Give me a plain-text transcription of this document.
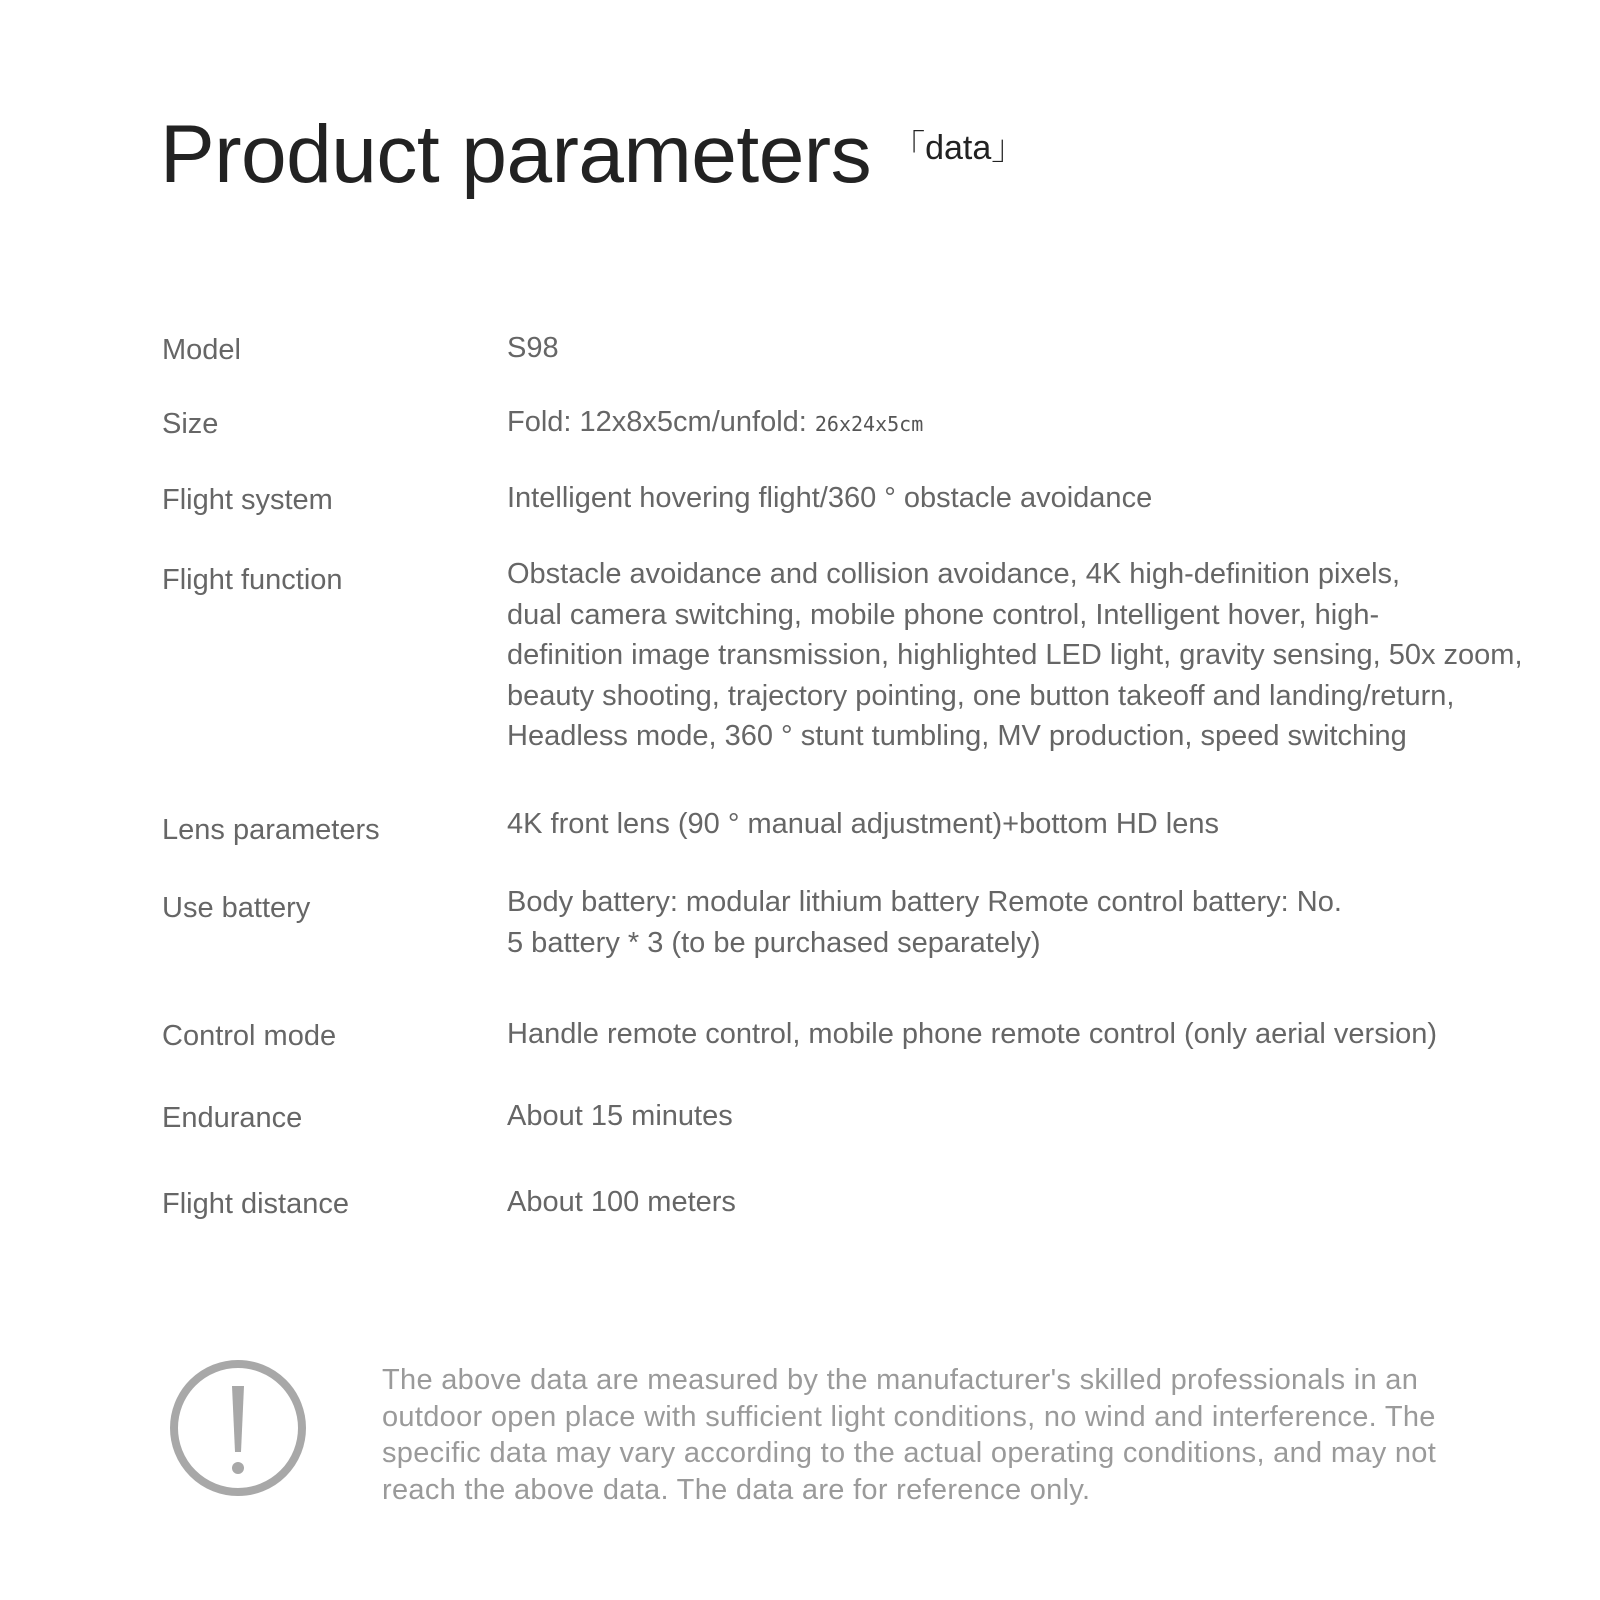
Product parameters 「data」
Model	S98
Size	Fold: 12x8x5cm/unfold: 26x24x5cm
Flight system	Intelligent hovering flight/360 ° obstacle avoidance
Flight function	Obstacle avoidance and collision avoidance, 4K high-definition pixels,
dual camera switching, mobile phone control, Intelligent hover, high-
definition image transmission, highlighted LED light, gravity sensing, 50x zoom,
beauty shooting, trajectory pointing, one button takeoff and landing/return,
Headless mode, 360 ° stunt tumbling, MV production, speed switching
Lens parameters	4K front lens (90 ° manual adjustment)+bottom HD lens
Use battery	Body battery: modular lithium battery Remote control battery: No.
5 battery * 3 (to be purchased separately)
Control mode	Handle remote control, mobile phone remote control (only aerial version)
Endurance	About 15 minutes
Flight distance	About 100 meters
The above data are measured by the manufacturer's skilled professionals in an
outdoor open place with sufficient light conditions, no wind and interference. The
specific data may vary according to the actual operating conditions, and may not
reach the above data. The data are for reference only.
